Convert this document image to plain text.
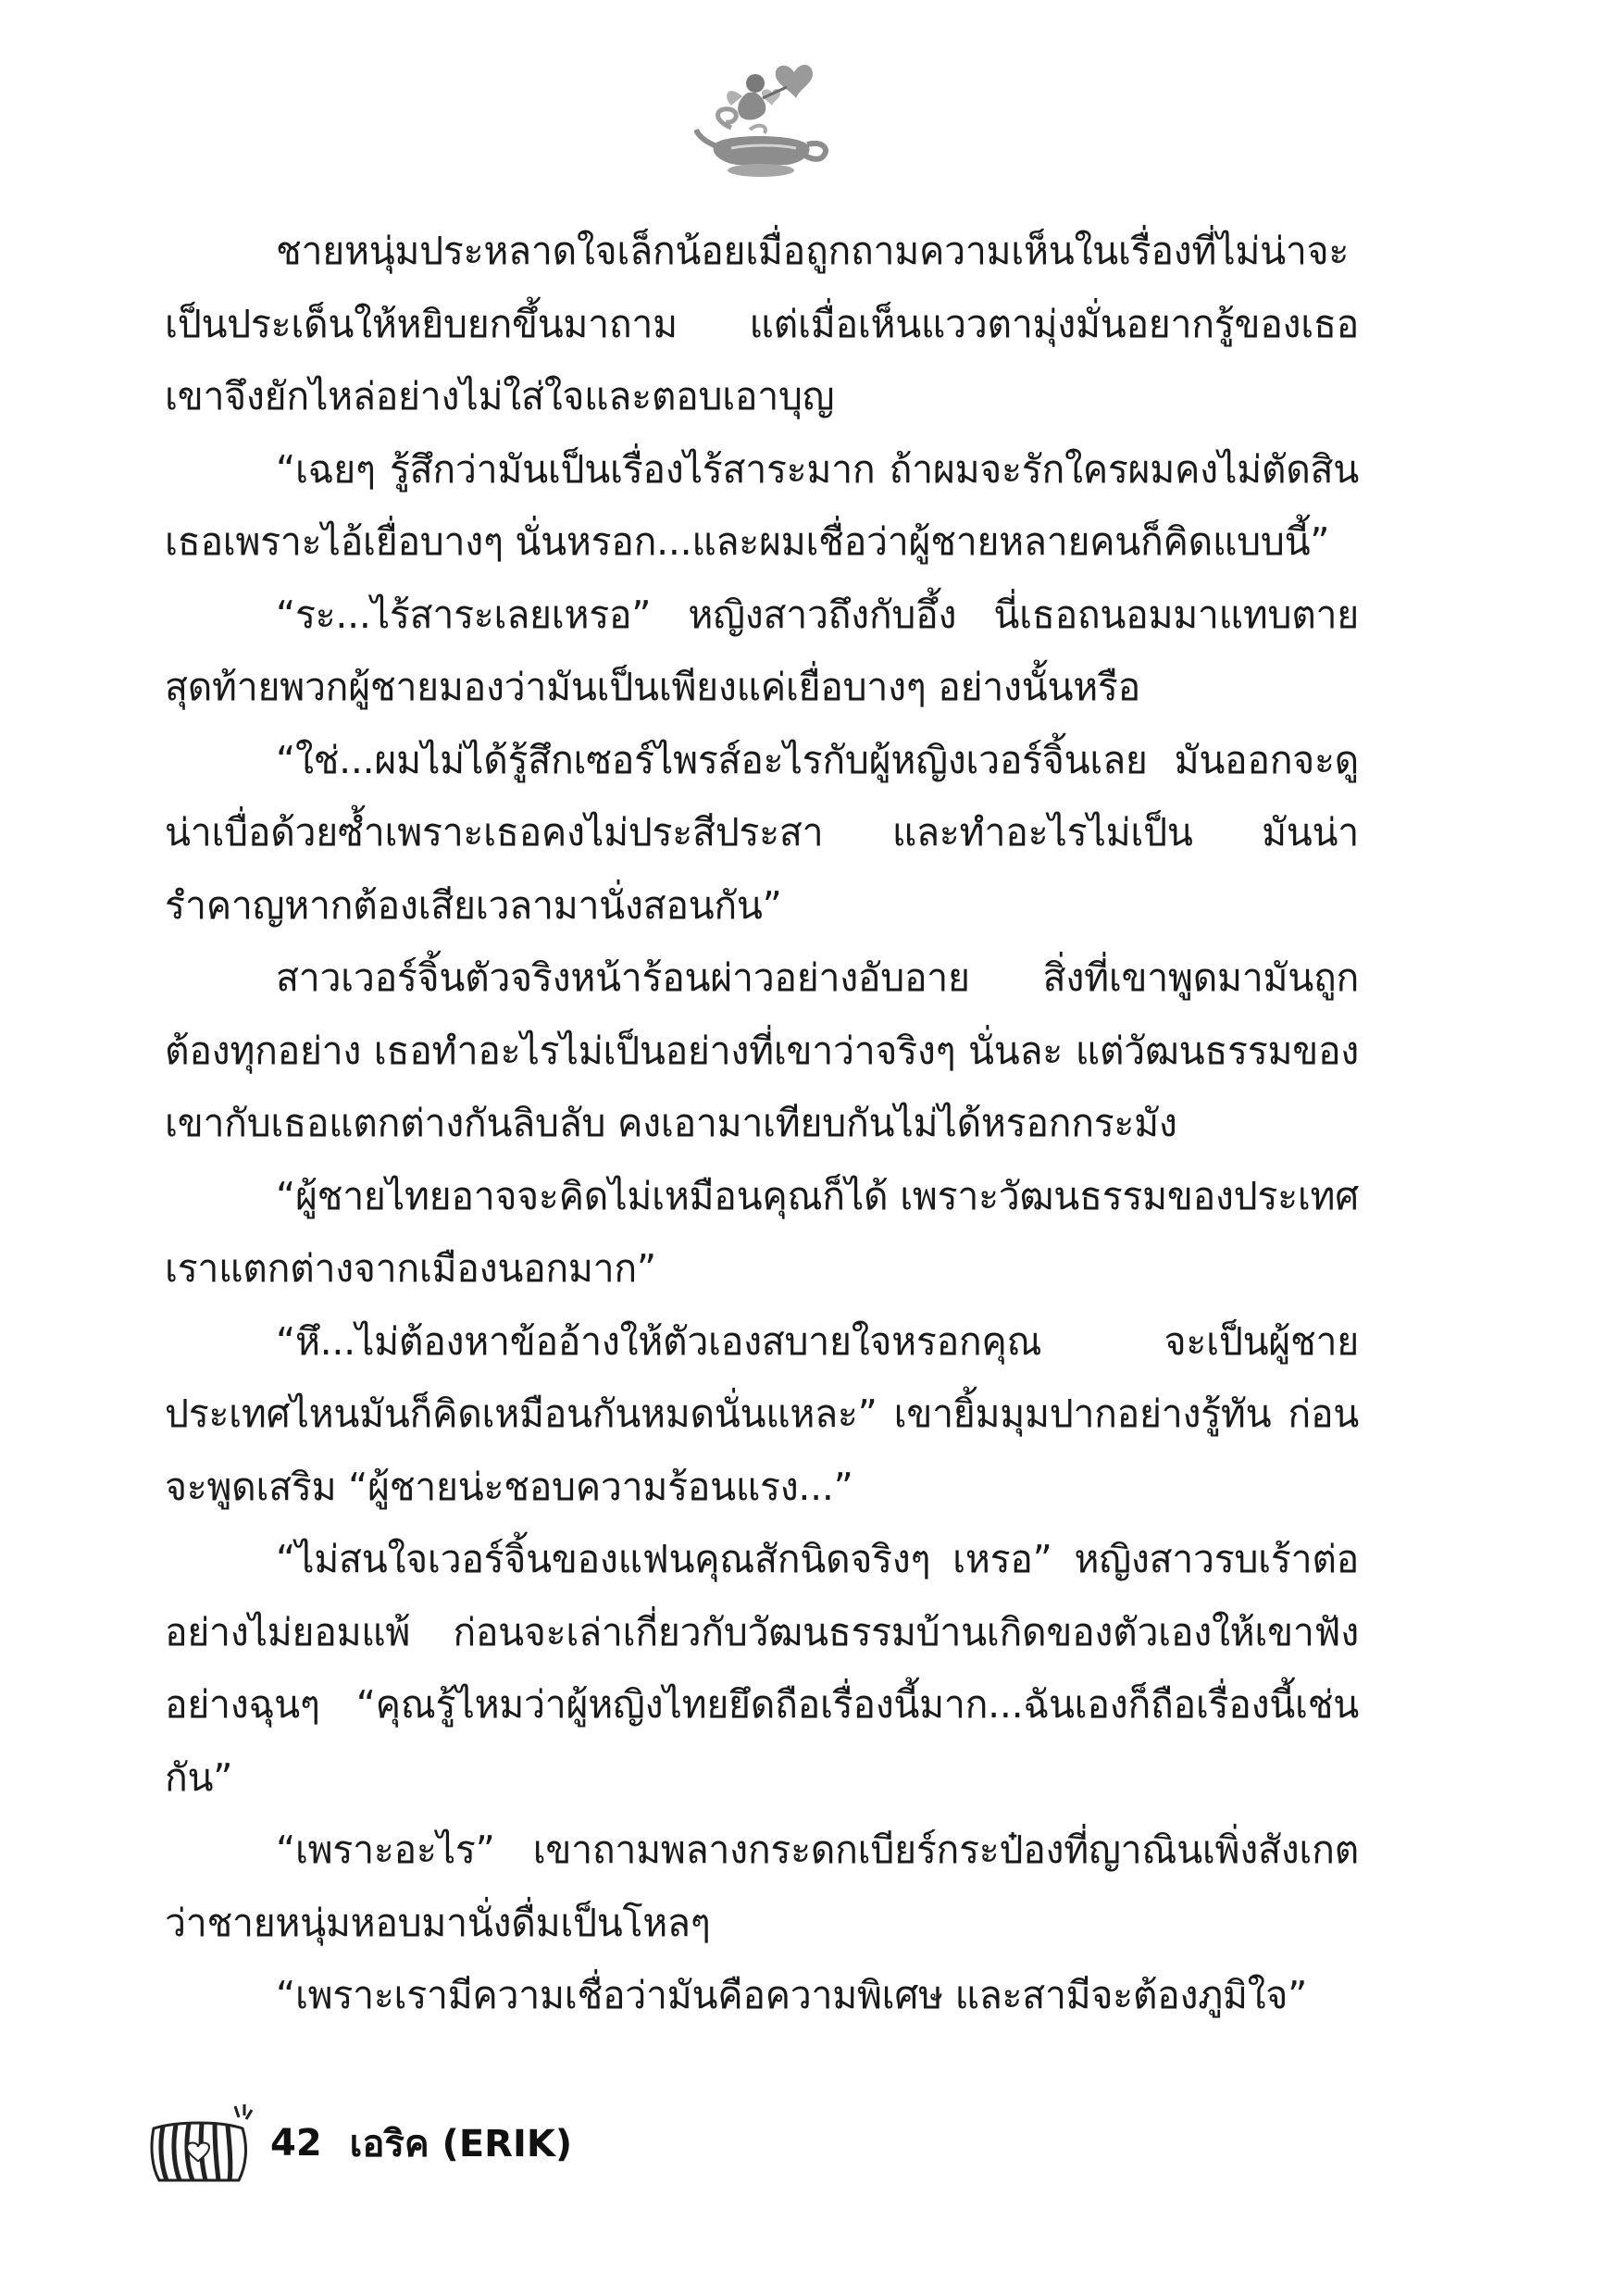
ชายหนุ่มประหลาดใจเล็กน้อยเมื่อถูกถามความเห็นในเรื่องที่ไม่น่าจะเป็นประเด็นให้หยิบยกขึ้นมาถาม แต่เมื่อเห็นแววตามุ่งมั่นอยากรู้ของเธอ เขาจึงยักไหล่อย่างไม่ใส่ใจและตอบเอาบุญ

“เฉยๆ รู้สึกว่ามันเป็นเรื่องไร้สาระมาก ถ้าผมจะรักใครผมคงไม่ตัดสินเธอเพราะไอ้เยื่อบางๆ นั่นหรอก...และผมเชื่อว่าผู้ชายหลายคนก็คิดแบบนี้”

“ระ...ไร้สาระเลยเหรอ” หญิงสาวถึงกับอึ้ง นี่เธอถนอมมาแทบตาย สุดท้ายพวกผู้ชายมองว่ามันเป็นเพียงแค่เยื่อบางๆ อย่างนั้นหรือ

“ใช่...ผมไม่ได้รู้สึกเซอร์ไพรส์อะไรกับผู้หญิงเวอร์จิ้นเลย มันออกจะดูน่าเบื่อด้วยซ้ำเพราะเธอคงไม่ประสีประสา และทำอะไรไม่เป็น มันน่ารำคาญหากต้องเสียเวลามานั่งสอนกัน”

สาวเวอร์จิ้นตัวจริงหน้าร้อนผ่าวอย่างอับอาย สิ่งที่เขาพูดมามันถูกต้องทุกอย่าง เธอทำอะไรไม่เป็นอย่างที่เขาว่าจริงๆ นั่นละ แต่วัฒนธรรมของเขากับเธอแตกต่างกันลิบลับ คงเอามาเทียบกันไม่ได้หรอกกระมัง

“ผู้ชายไทยอาจจะคิดไม่เหมือนคุณก็ได้ เพราะวัฒนธรรมของประเทศเราแตกต่างจากเมืองนอกมาก”

“หึ...ไม่ต้องหาข้ออ้างให้ตัวเองสบายใจหรอกคุณ จะเป็นผู้ชายประเทศไหนมันก็คิดเหมือนกันหมดนั่นแหละ” เขายิ้มมุมปากอย่างรู้ทัน ก่อนจะพูดเสริม “ผู้ชายน่ะชอบความร้อนแรง...”

“ไม่สนใจเวอร์จิ้นของแฟนคุณสักนิดจริงๆ เหรอ” หญิงสาวรบเร้าต่ออย่างไม่ยอมแพ้ ก่อนจะเล่าเกี่ยวกับวัฒนธรรมบ้านเกิดของตัวเองให้เขาฟังอย่างฉุนๆ “คุณรู้ไหมว่าผู้หญิงไทยยึดถือเรื่องนี้มาก...ฉันเองก็ถือเรื่องนี้เช่นกัน”

“เพราะอะไร” เขาถามพลางกระดกเบียร์กระป๋องที่ญาณินเพิ่งสังเกตว่าชายหนุ่มหอบมานั่งดื่มเป็นโหลๆ

“เพราะเรามีความเชื่อว่ามันคือความพิเศษ และสามีจะต้องภูมิใจ”

42 เอริค (ERIK)
